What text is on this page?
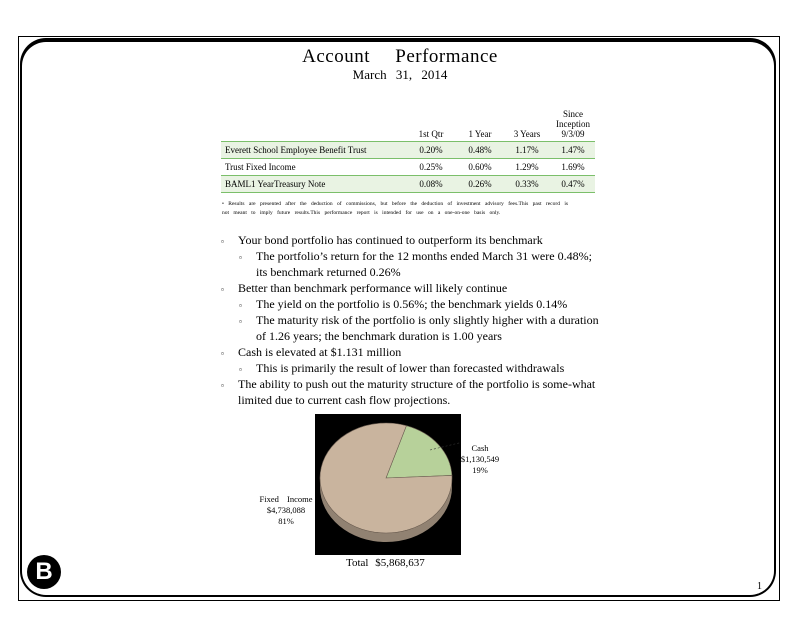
Account Performance
March 31, 2014
	1st Qtr	1 Year	3 Years	Since Inception 9/3/09
Everett School Employee Benefit Trust	0.20%	0.48%	1.17%	1.47%
Trust Fixed Income	0.25%	0.60%	1.29%	1.69%
BAML1 YearTreasury Note	0.08%	0.26%	0.33%	0.47%
• Results are presented after the deduction of commissions, but before the deduction of investment advisory fees.This past record is not meant to imply future results.This performance report is intended for use on a one-on-one basis only.
▫ Your bond portfolio has continued to outperform its benchmark
▫ The portfolio’s return for the 12 months ended March 31 were 0.48%; its benchmark returned 0.26%
▫ Better than benchmark performance will likely continue
▫ The yield on the portfolio is 0.56%; the benchmark yields 0.14%
▫ The maturity risk of the portfolio is only slightly higher with a duration of 1.26 years; the benchmark duration is 1.00 years
▫ Cash is elevated at $1.131 million
▫ This is primarily the result of lower than forecasted withdrawals
▫ The ability to push out the maturity structure of the portfolio is some-what limited due to current cash flow projections.
Cash
$1,130,549
19%
Fixed Income
$4,738,088
81%
Total $5,868,637
B
1
